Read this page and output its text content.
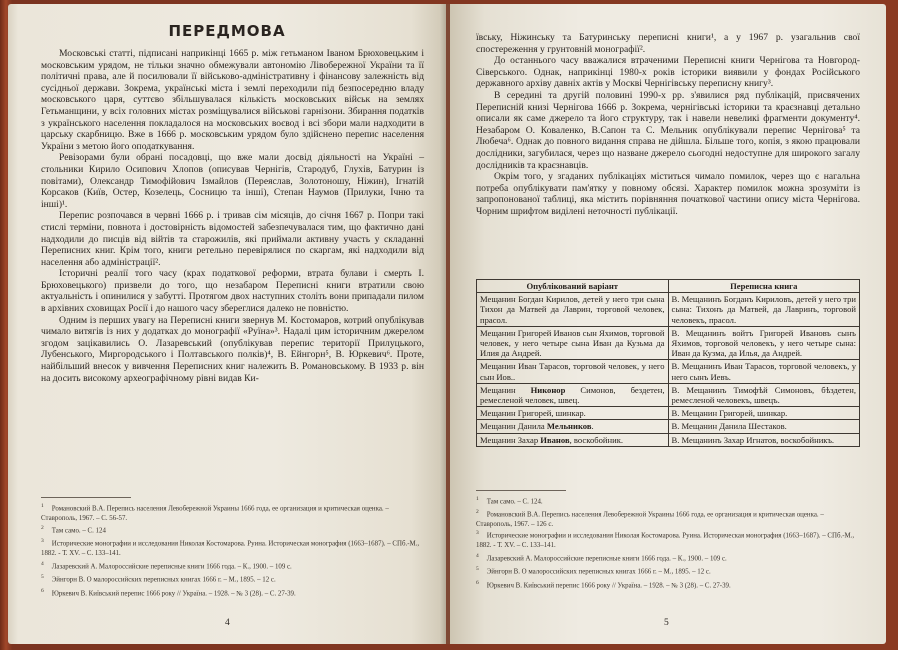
ПЕРЕДМОВА

Московські статті, підписані наприкінці 1665 р. між гетьманом Іваном Брюховецьким і московським урядом, не тільки значно обмежували автономію Лівобережної України та її політичні права, але й посилювали її військово-адміністративну і фінансову залежність від сусідньої держави. Зокрема, українські міста і землі переходили під безпосередню владу московського царя, суттєво збільшувалася кількість московських військ на землях Гетьманщини, у всіх головних містах розміщувалися військові гарнізони. Збирання податків з українського населення покладалося на московських воєвод і всі збори мали надходити в царську скарбницю. Вже в 1666 р. московським урядом було здійснено перепис населення України з метою його оподаткування.

Ревізорами були обрані посадовці, що вже мали досвід діяльності на Україні – стольники Кирило Осипович Хлопов (описував Чернігів, Стародуб, Глухів, Батурин із повітами), Олександр Тимофійович Ізмайлов (Переяслав, Золотоношу, Ніжин), Ігнатій Корсаков (Київ, Остер, Козелець, Сосницю та інші), Степан Наумов (Прилуки, Ічню та інші)¹.

Перепис розпочався в червні 1666 р. і тривав сім місяців, до січня 1667 р. Попри такі стислі терміни, повнота і достовірність відомостей забезпечувалася тим, що фактично дані надходили до писців від війтів та старожилів, які приймали активну участь у складанні Переписних книг. Крім того, книги ретельно перевірялися по скаргам, які надходили від населення або адміністрації².

Історичні реалії того часу (крах податкової реформи, втрата булави і смерть І. Брюховецького) призвели до того, що незабаром Переписні книги втратили свою актуальність і опинилися у забутті. Протягом двох наступних століть вони припадали пилом в архівних сховищах Росії і до нашого часу збереглися далеко не повністю.

Одним із перших увагу на Переписні книги звернув М. Костомаров, котрий опублікував чимало витягів із них у додатках до монографії «Руїна»³. Надалі цим історичним джерелом згодом зацікавились О. Лазаревський (опублікував перепис території Прилуцького, Лубенського, Миргородського і Полтавського полків)⁴, В. Ейнгорн⁵, В. Юркевич⁶. Проте, найбільший внесок у вивчення Переписних книг належить В. Романовському. В 1933 р. він на досить високому археографічному рівні видав Ки-

$^1$ Романовский В.А. Перепись населения Левобережной Украины 1666 года, ее организация и критическая оценка. – Ставрополь, 1967. – С. 56-57.
$^2$ Там само. – С. 124
$^3$ Исторические монографии и исследования Николая Костомарова. Руина. Историческая монография (1663–1687). – СПб.-М., 1882. - Т. XV. – С. 133–141.
$^4$ Лазаревский А. Малороссийские переписные книги 1666 года. – К., 1900. – 109 с.
$^5$ Эйнгорн В. О малороссийских переписных книгах 1666 г. – М., 1895. – 12 с.
$^6$ Юркевич В. Київський перепис 1666 року // Україна. – 1928. – № 3 (28). – С. 27-39.
4

ївську, Ніжинську та Батуринську переписні книги¹, а у 1967 р. узагальнив свої спостереження у грунтовній монографії².

До останнього часу вважалися втраченими Переписні книги Чернігова та Новгород-Сіверського. Однак, наприкінці 1980-х років історики виявили у фондах Російського державного архіву давніх актів у Москві Чернігівську переписну книгу³.

В середині та другій половині 1990-х рр. з'явилися ряд публікацій, присвячених Переписній книзі Чернігова 1666 р. Зокрема, чернігівські історики та краєзнавці детально описали як саме джерело та його структуру, так і навели невеликі фрагменти документу⁴. Незабаром О. Коваленко, В.Сапон та С. Мельник опублікували перепис Чернігова⁵ та Любеча⁶. Однак до повного видання справа не дійшла. Більше того, копія, з якою працювали дослідники, загубилася, через що назване джерело сьогодні недоступне для широкого загалу дослідників та краєзнавців.

Окрім того, у згаданих публікаціях міститься чимало помилок, через що є нагальна потреба опублікувати пам'ятку у повному обсязі. Характер помилок можна зрозуміти із запропонованої таблиці, яка містить порівняння початкової частини опису міста Чернігова. Чорним шрифтом виділені неточності публікації.

Опублікований варіант	Переписна книга
Мещанин Богдан Кирилов, детей у него три сына Тихон да Матвей да Лаврин, торговой человек, прасол.	В. Мещанинъ Богданъ Кириловъ, детей у него три сына: Тихонъ да Матвей, да Лавринъ, торговой человекъ, прасол.
Мещанин Григорей Иванов сын Яхимов, торговой человек, у него четыре сына Иван да Кузьма да Илия да Андрей.	В. Мещанинъ войтъ Григорей Ивановъ сынъ Яхимов, торговой человекъ, у него четыре сына: Иван да Кузма, да Илья, да Андрей.
Мещанин Иван Тарасов, торговой человек, у него сын Иов..	В. Мещанинъ Иван Тарасов, торговой человекъ, у него сынъ Иевъ.
Мещанин Никонор Симонов, бездетен, ремесленой человек, швец.	В. Мещанинъ Тимофѣй Симоновъ, бѣздетен, ремесленой человекъ, швецъ.
Мещанин Григорей, шинкар.	В. Мещанин Григорей, шинкар.
Мещанин Данила Мельников.	В. Мещанин Данила Шестаков.
Мещанин Захар Иванов, воскобойник.	В. Мещанинъ Захар Игнатов, воскобойникъ.
$^1$ Там само. – С. 124.
$^2$ Романовский В.А. Перепись населения Левобережной Украины 1666 года, ее организация и критическая оценка. – Ставрополь, 1967. – 126 с.
$^3$ Исторические монографии и исследования Николая Костомарова. Руина. Историческая монография (1663–1687). – СПб.-М., 1882. - Т. XV. – С. 133–141.
$^4$ Лазаревский А. Малороссийские переписные книги 1666 года. – К., 1900. – 109 с.
$^5$ Эйнгорн В. О малороссийских переписных книгах 1666 г. – М., 1895. – 12 с.
$^6$ Юркевич В. Київський перепис 1666 року // Україна. – 1928. – № 3 (28). – С. 27-39.
5
